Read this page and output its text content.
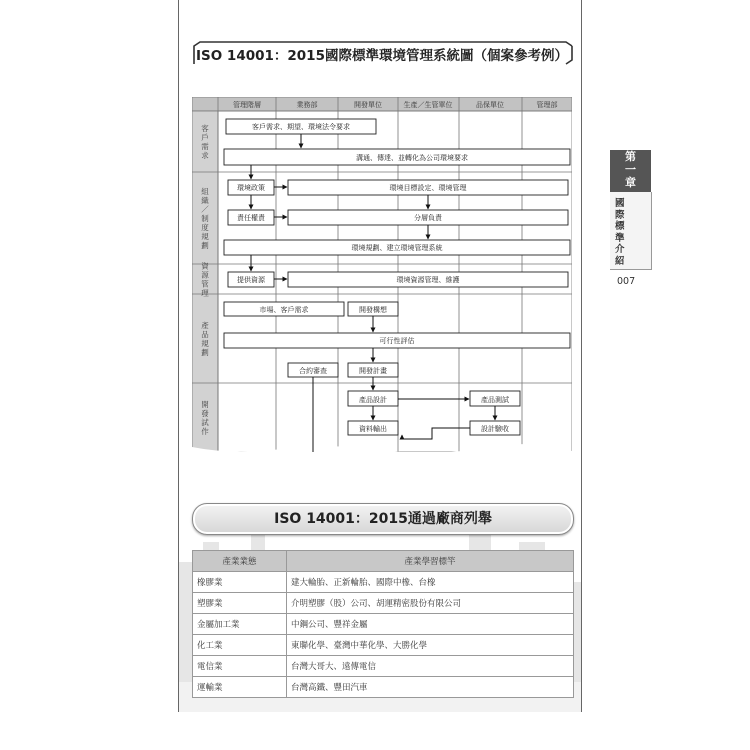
ISO 14001：2015國際標準環境管理系統圖（個案參考例）
管理階層	業務部	開發單位	生產／生管單位	品保單位	管理部
客戶需求
組織／制度規劃
資源管理
產品規劃
開發試作
客戶需求、期望、環境法令要求
溝通、傳達、並轉化為公司環境要求
環境政策	環境目標設定、環境管理
責任權責	分層負責
環境規劃、建立環境管理系統
提供資源	環境資源管理、維護
市場、客戶需求	開發構想
可行性評估
合約審查	開發計畫
產品設計	產品測試
資料輸出	設計驗收
ISO 14001：2015通過廠商列舉
產業業態	產業學習標竿
橡膠業	建大輪胎、正新輪胎、國際中橡、台橡
塑膠業	介明塑膠（股）公司、胡運精密股份有限公司
金屬加工業	中鋼公司、豐祥金屬
化工業	東聯化學、臺灣中華化學、大勝化學
電信業	台灣大哥大、遠傳電信
運輸業	台灣高鐵、豐田汽車
第
一
章
國
際
標
準
介
紹
007
